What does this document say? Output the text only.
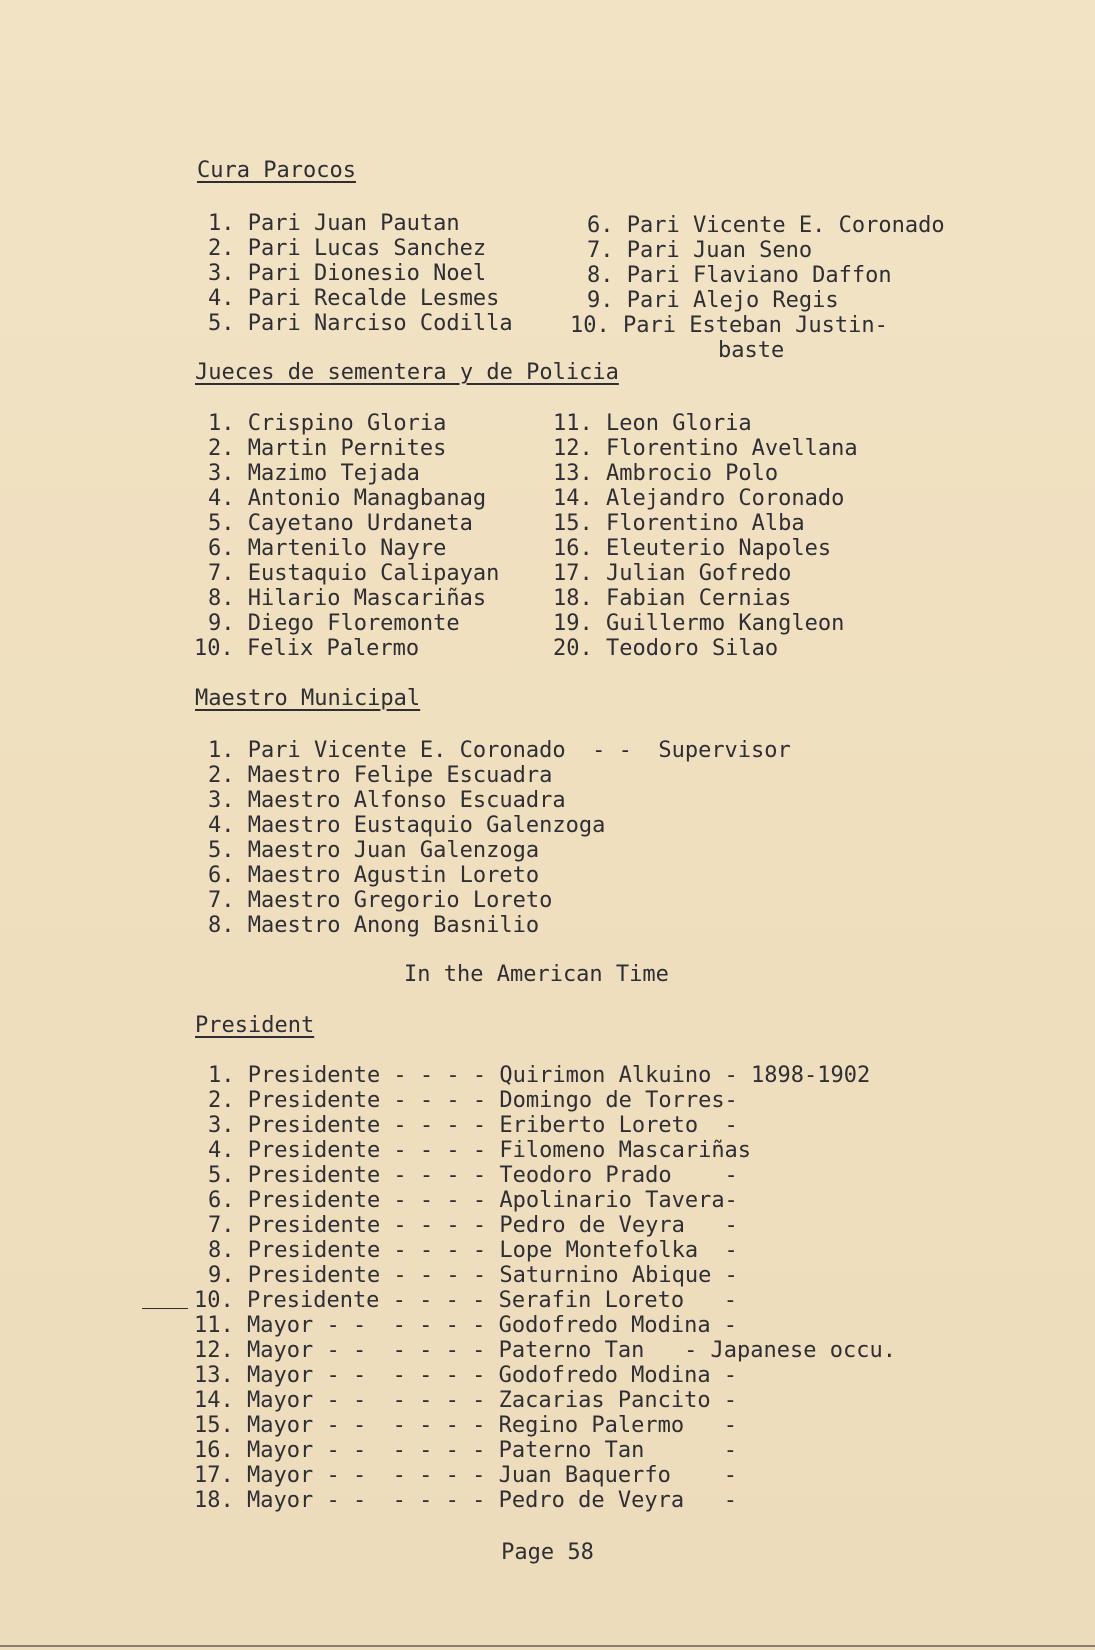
Cura Parocos
1. Pari Juan Pautan
2. Pari Lucas Sanchez
3. Pari Dionesio Noel
4. Pari Recalde Lesmes
5. Pari Narciso Codilla
6. Pari Vicente E. Coronado
7. Pari Juan Seno
8. Pari Flaviano Daffon
9. Pari Alejo Regis
10. Pari Esteban Justin-
baste
Jueces de sementera y de Policia
1. Crispino Gloria
2. Martin Pernites
3. Mazimo Tejada
4. Antonio Managbanag
5. Cayetano Urdaneta
6. Martenilo Nayre
7. Eustaquio Calipayan
8. Hilario Mascariñas
9. Diego Floremonte
10. Felix Palermo
11. Leon Gloria
12. Florentino Avellana
13. Ambrocio Polo
14. Alejandro Coronado
15. Florentino Alba
16. Eleuterio Napoles
17. Julian Gofredo
18. Fabian Cernias
19. Guillermo Kangleon
20. Teodoro Silao
Maestro Municipal
1. Pari Vicente E. Coronado  - -  Supervisor
2. Maestro Felipe Escuadra
3. Maestro Alfonso Escuadra
4. Maestro Eustaquio Galenzoga
5. Maestro Juan Galenzoga
6. Maestro Agustin Loreto
7. Maestro Gregorio Loreto
8. Maestro Anong Basnilio
In the American Time
President
1. Presidente - - - - Quirimon Alkuino - 1898-1902
2. Presidente - - - - Domingo de Torres-
3. Presidente - - - - Eriberto Loreto  -
4. Presidente - - - - Filomeno Mascariñas
5. Presidente - - - - Teodoro Prado    -
6. Presidente - - - - Apolinario Tavera-
7. Presidente - - - - Pedro de Veyra   -
8. Presidente - - - - Lope Montefolka  -
9. Presidente - - - - Saturnino Abique -
10. Presidente - - - - Serafin Loreto   -
11. Mayor - -  - - - - Godofredo Modina -
12. Mayor - -  - - - - Paterno Tan   - Japanese occu.
13. Mayor - -  - - - - Godofredo Modina -
14. Mayor - -  - - - - Zacarias Pancito -
15. Mayor - -  - - - - Regino Palermo   -
16. Mayor - -  - - - - Paterno Tan      -
17. Mayor - -  - - - - Juan Baquerfo    -
18. Mayor - -  - - - - Pedro de Veyra   -
Page 58
